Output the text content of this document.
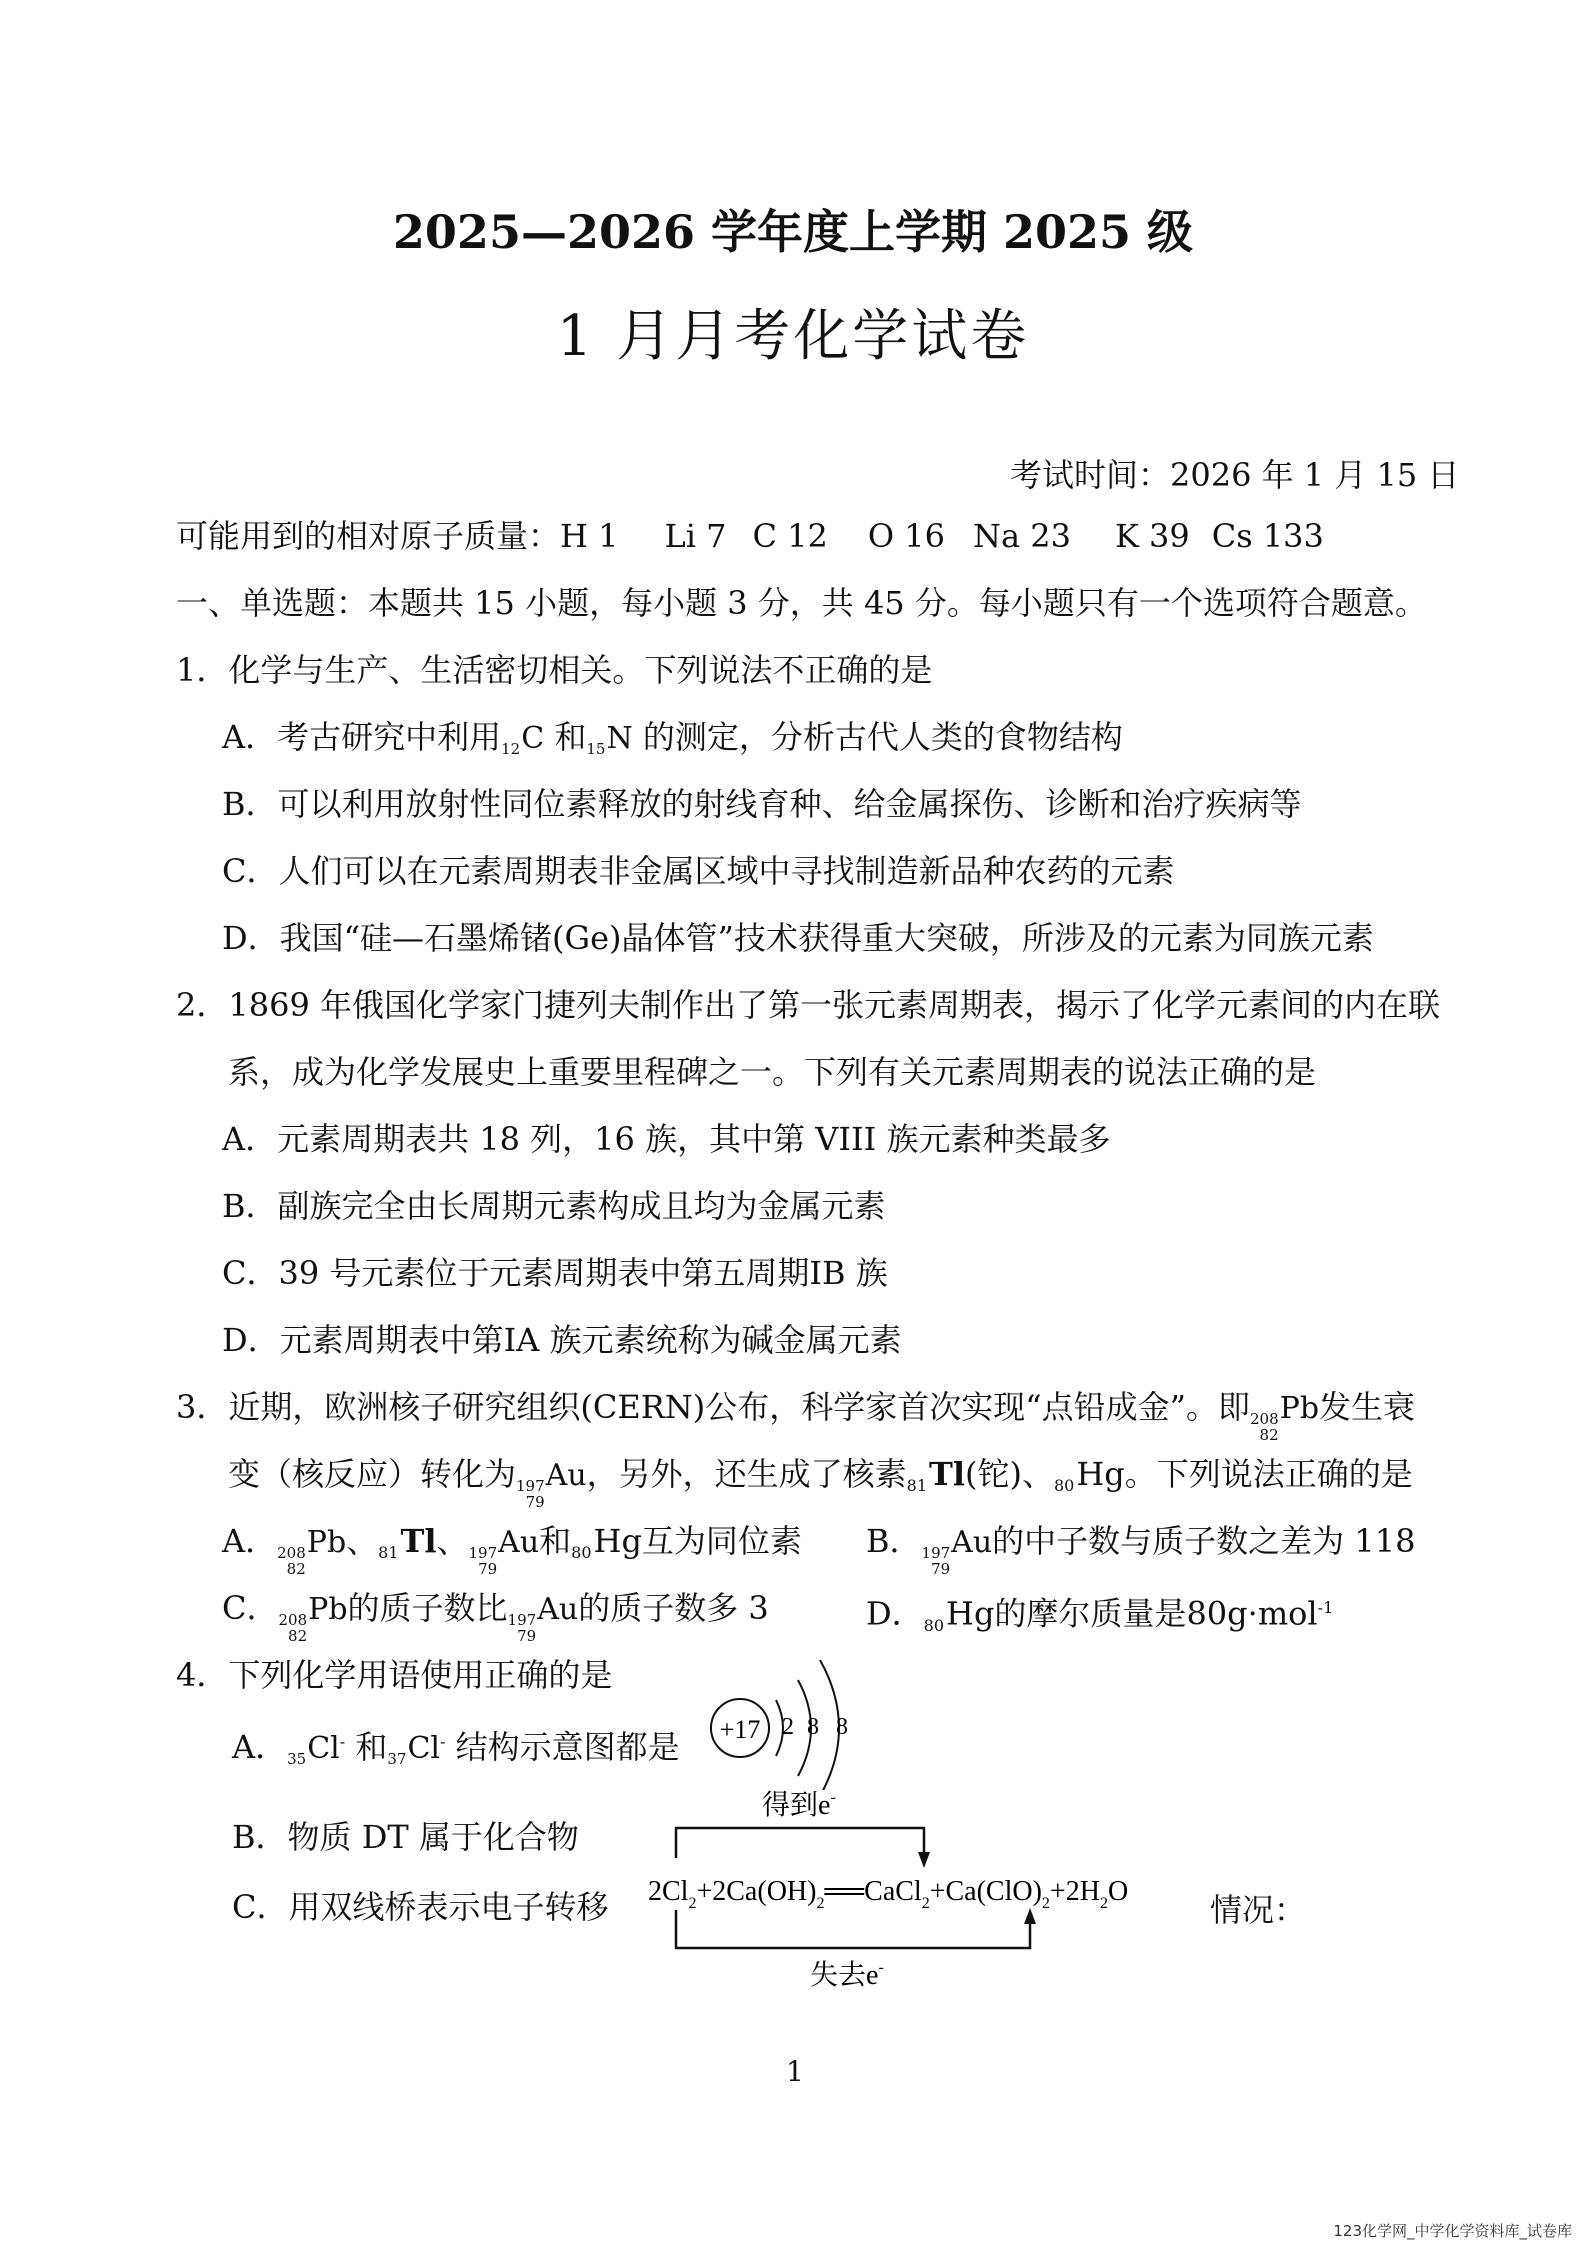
2025—2026 学年度上学期 2025 级
1 月月考化学试卷
考试时间：2026 年 1 月 15 日
可能用到的相对原子质量：H 1 Li 7 C 12 O 16 Na 23 K 39 Cs 133
一、单选题：本题共 15 小题，每小题 3 分，共 45 分。每小题只有一个选项符合题意。
1．化学与生产、生活密切相关。下列说法不正确的是
A．考古研究中利用 12 C 和 15 N 的测定，分析古代人类的食物结构
B．可以利用放射性同位素释放的射线育种、给金属探伤、诊断和治疗疾病等
C．人们可以在元素周期表非金属区域中寻找制造新品种农药的元素
D．我国“硅—石墨烯锗(Ge)晶体管”技术获得重大突破，所涉及的元素为同族元素
2．1869 年俄国化学家门捷列夫制作出了第一张元素周期表，揭示了化学元素间的内在联
系，成为化学发展史上重要里程碑之一。下列有关元素周期表的说法正确的是
A．元素周期表共 18 列，16 族，其中第 VIII 族元素种类最多
B．副族完全由长周期元素构成且均为金属元素
C．39 号元素位于元素周期表中第五周期ⅠB 族
D．元素周期表中第ⅠA 族元素统称为碱金属元素
3．近期，欧洲核子研究组织(CERN)公布，科学家首次实现“点铅成金”。即 208
82
Pb发生衰
变（核反应）转化为 197
79
Au，另外，还生成了核素$_{81}$Tl(铊)、$_{80}$Hg。下列说法正确的是
A． 208
82
Pb、$_{81}$Tl、 197
79
Au和$_{80}$Hg互为同位素 B． 197
79
Au的中子数与质子数之差为 118
C． 208
82
Pb的质子数比 197
79
Au的质子数多 3	D．$_{80}$Hg的摩尔质量是80g·mol$^{-1}$
4．下列化学用语使用正确的是
A． 35 Cl- 和 37 Cl- 结构示意图都是 +17 2 8 8
B．物质 DT 属于化合物
C．用双线桥表示电子转移
得到e-
$2Cl_2+2Ca(OH)_2══CaCl_2+Ca(ClO)_2+2H_2O$
失去e-
情况：
1
123化学网_中学化学资料库_试卷库
